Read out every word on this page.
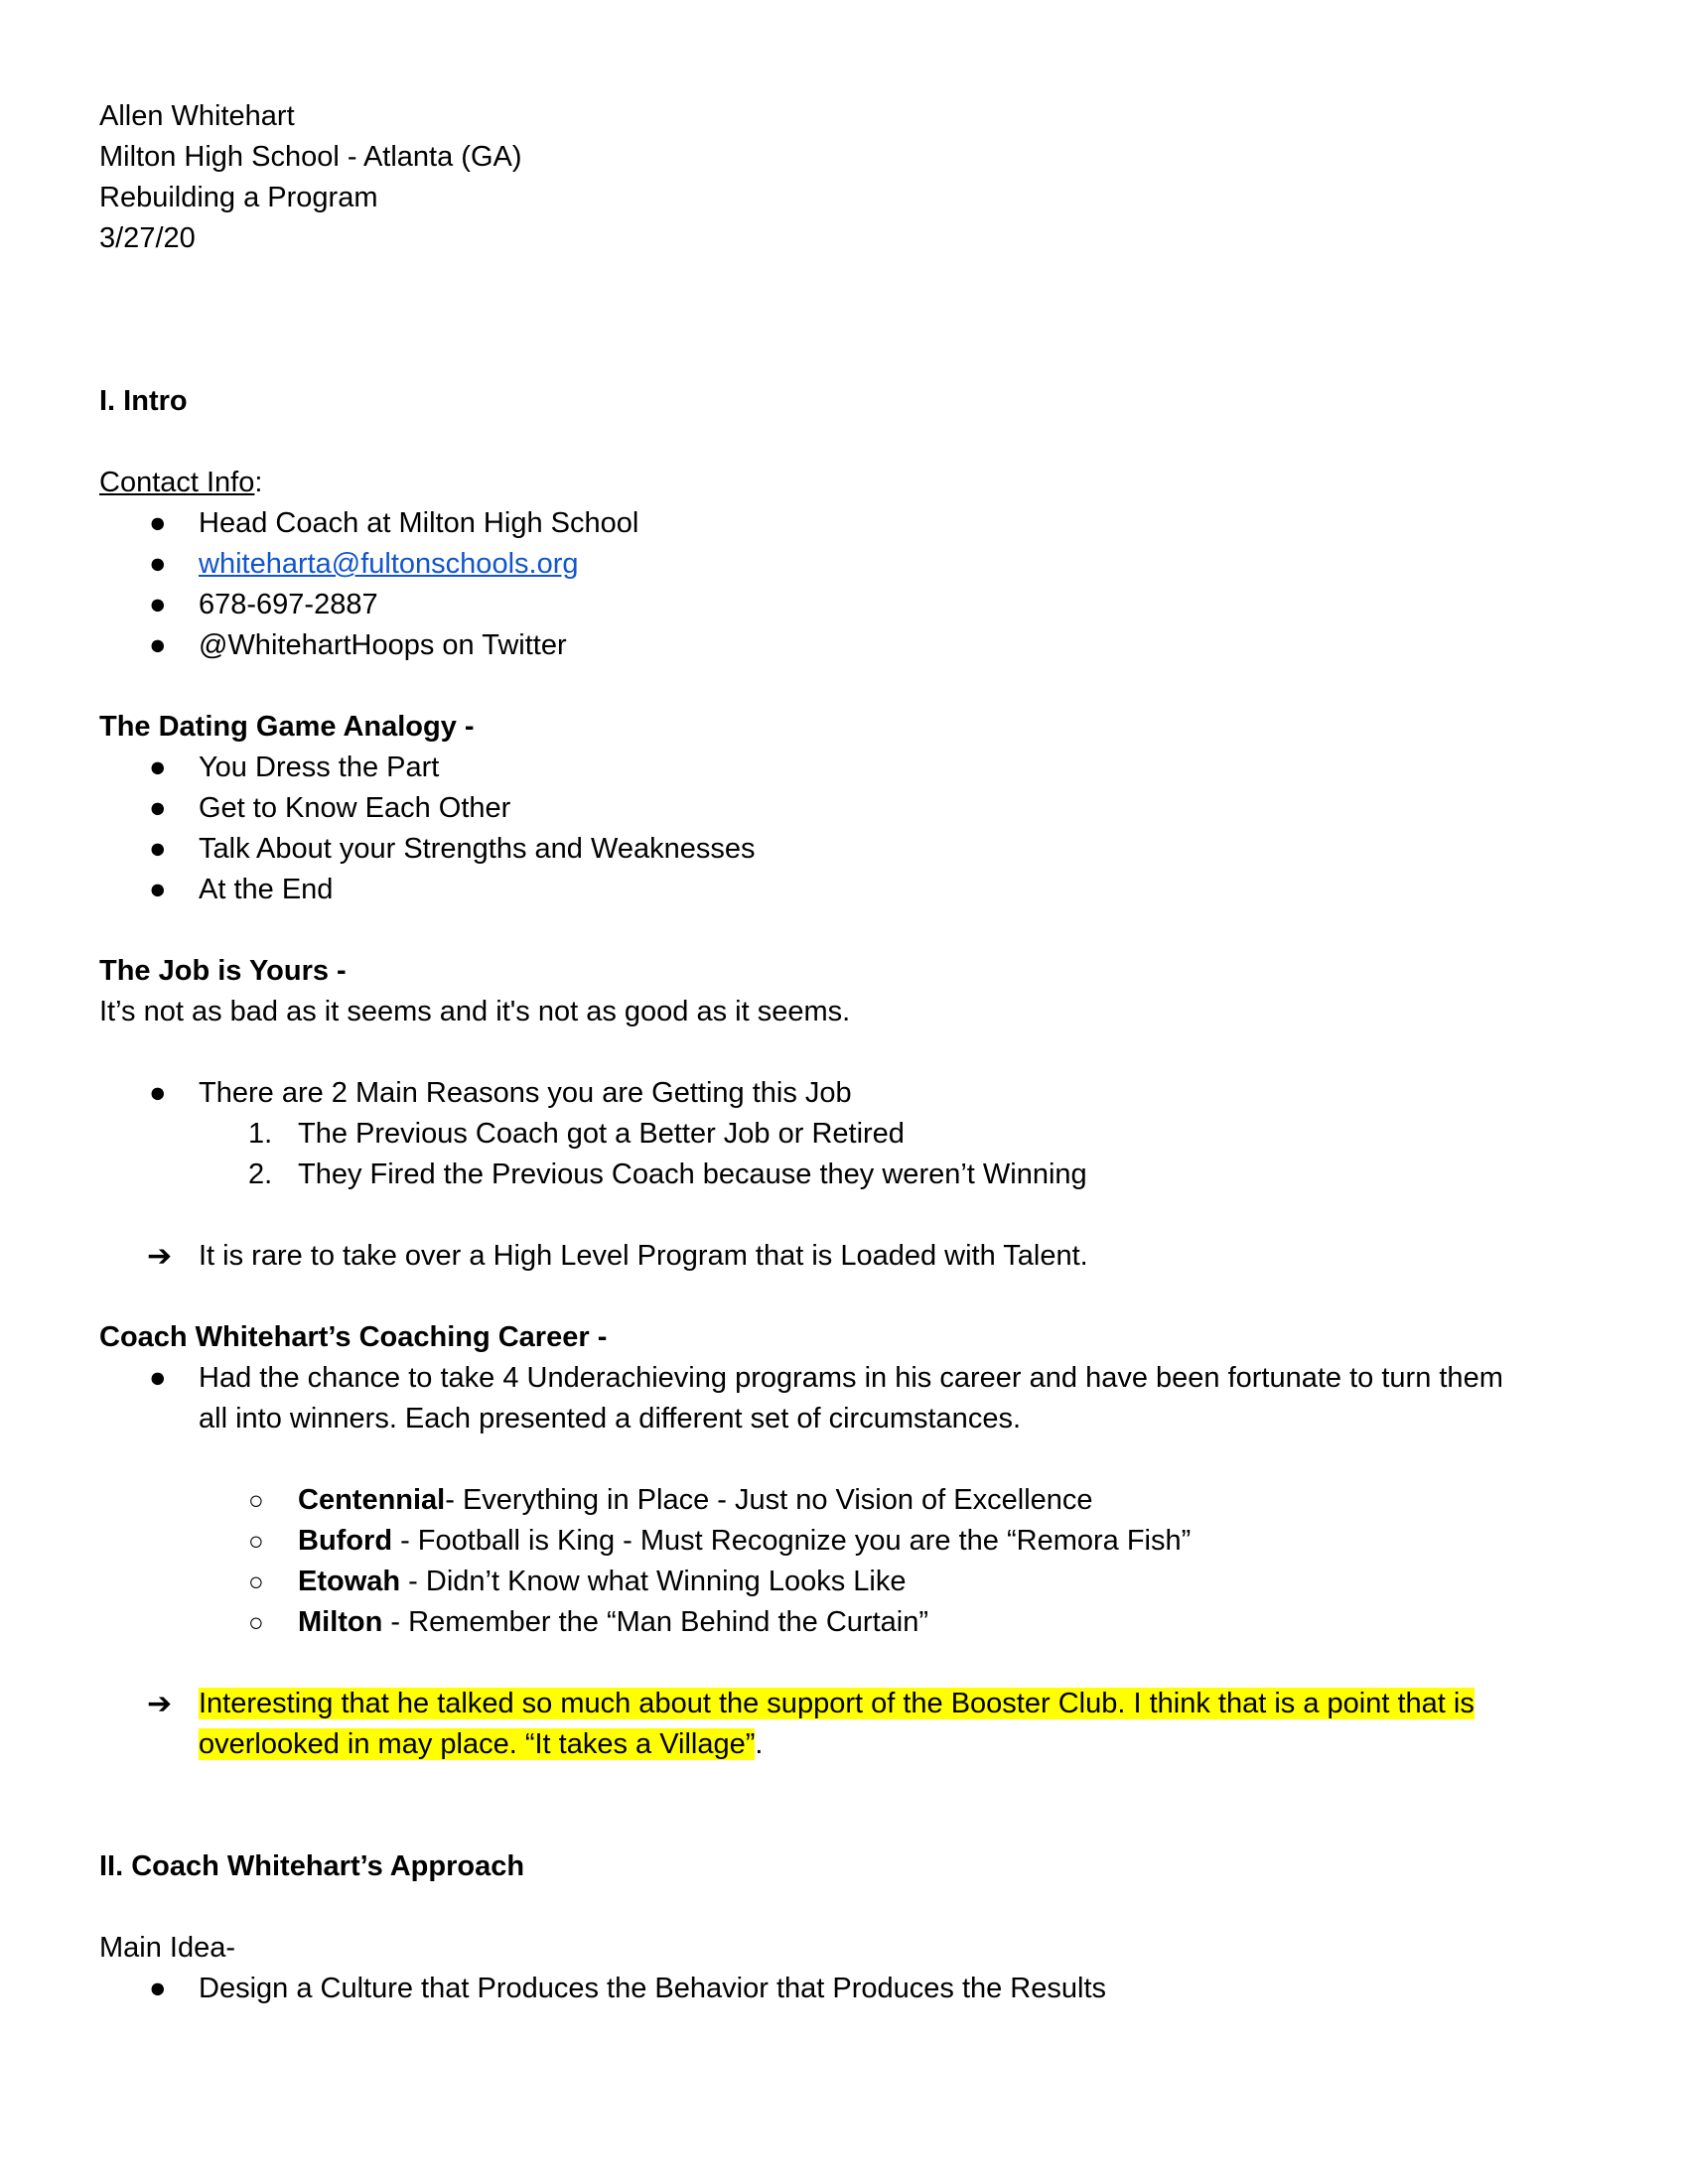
Allen Whitehart
Milton High School - Atlanta (GA)
Rebuilding a Program
3/27/20
I. Intro
Contact Info:
● Head Coach at Milton High School
● whiteharta@fultonschools.org
● 678-697-2887
● @WhitehartHoops on Twitter
The Dating Game Analogy -
● You Dress the Part
● Get to Know Each Other
● Talk About your Strengths and Weaknesses
● At the End
The Job is Yours -
It’s not as bad as it seems and it's not as good as it seems.
● There are 2 Main Reasons you are Getting this Job
1. The Previous Coach got a Better Job or Retired
2. They Fired the Previous Coach because they weren’t Winning
➔ It is rare to take over a High Level Program that is Loaded with Talent.
Coach Whitehart’s Coaching Career -
● Had the chance to take 4 Underachieving programs in his career and have been fortunate to turn them
all into winners. Each presented a different set of circumstances.
○ Centennial- Everything in Place - Just no Vision of Excellence
○ Buford - Football is King - Must Recognize you are the “Remora Fish”
○ Etowah - Didn’t Know what Winning Looks Like
○ Milton - Remember the “Man Behind the Curtain”
➔ Interesting that he talked so much about the support of the Booster Club. I think that is a point that is
overlooked in may place. “It takes a Village”.
II. Coach Whitehart’s Approach
Main Idea-
● Design a Culture that Produces the Behavior that Produces the Results
